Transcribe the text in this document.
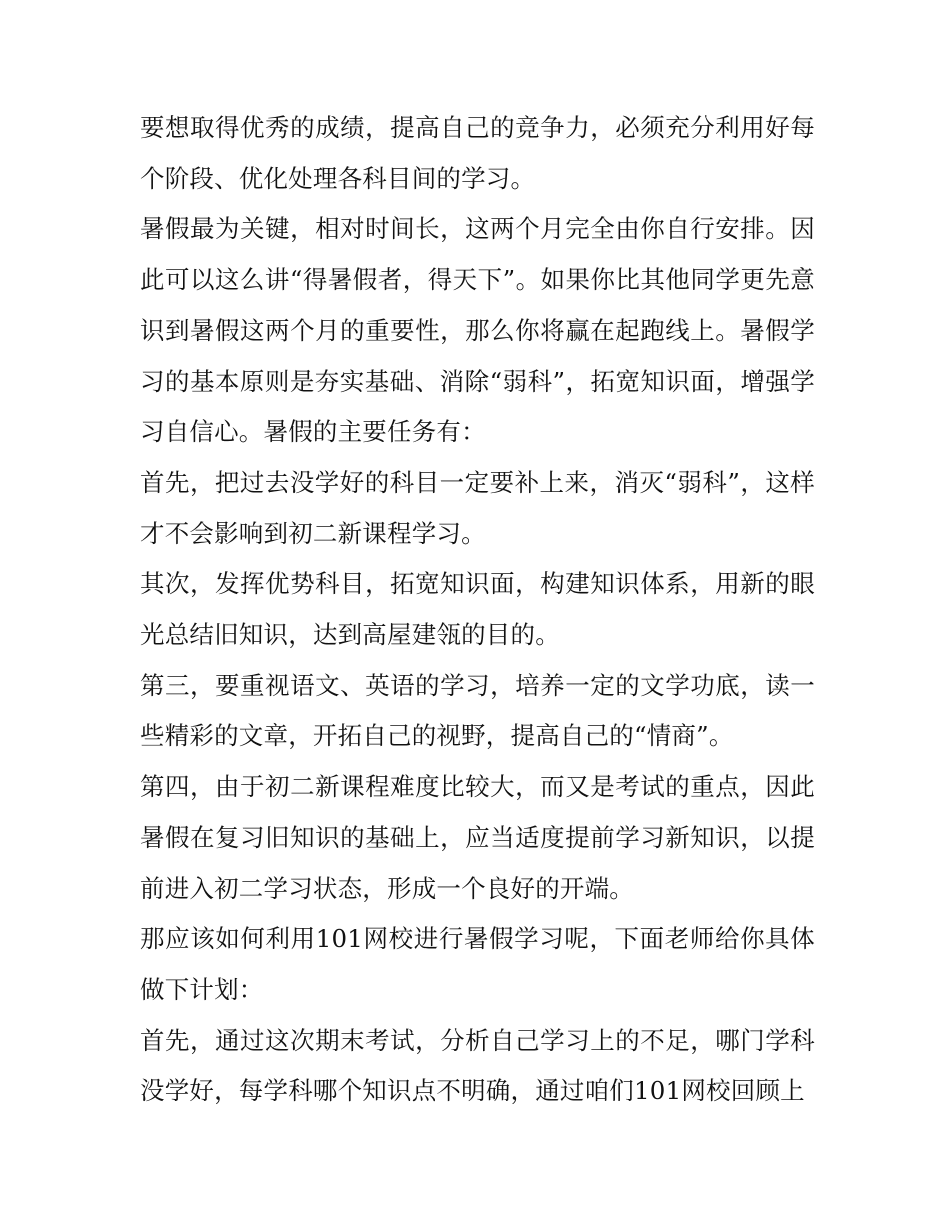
要想取得优秀的成绩，提高自己的竞争力，必须充分利用好每个阶段、优化处理各科目间的学习。

暑假最为关键，相对时间长，这两个月完全由你自行安排。因此可以这么讲“得暑假者，得天下”。如果你比其他同学更先意识到暑假这两个月的重要性，那么你将赢在起跑线上。暑假学习的基本原则是夯实基础、消除“弱科”，拓宽知识面，增强学习自信心。暑假的主要任务有：

首先，把过去没学好的科目一定要补上来，消灭“弱科”，这样才不会影响到初二新课程学习。

其次，发挥优势科目，拓宽知识面，构建知识体系，用新的眼光总结旧知识，达到高屋建瓴的目的。

第三，要重视语文、英语的学习，培养一定的文学功底，读一些精彩的文章，开拓自己的视野，提高自己的“情商”。

第四，由于初二新课程难度比较大，而又是考试的重点，因此暑假在复习旧知识的基础上，应当适度提前学习新知识，以提前进入初二学习状态，形成一个良好的开端。

那应该如何利用101网校进行暑假学习呢，下面老师给你具体做下计划：

首先，通过这次期末考试，分析自己学习上的不足，哪门学科没学好，每学科哪个知识点不明确，通过咱们101网校回顾上
